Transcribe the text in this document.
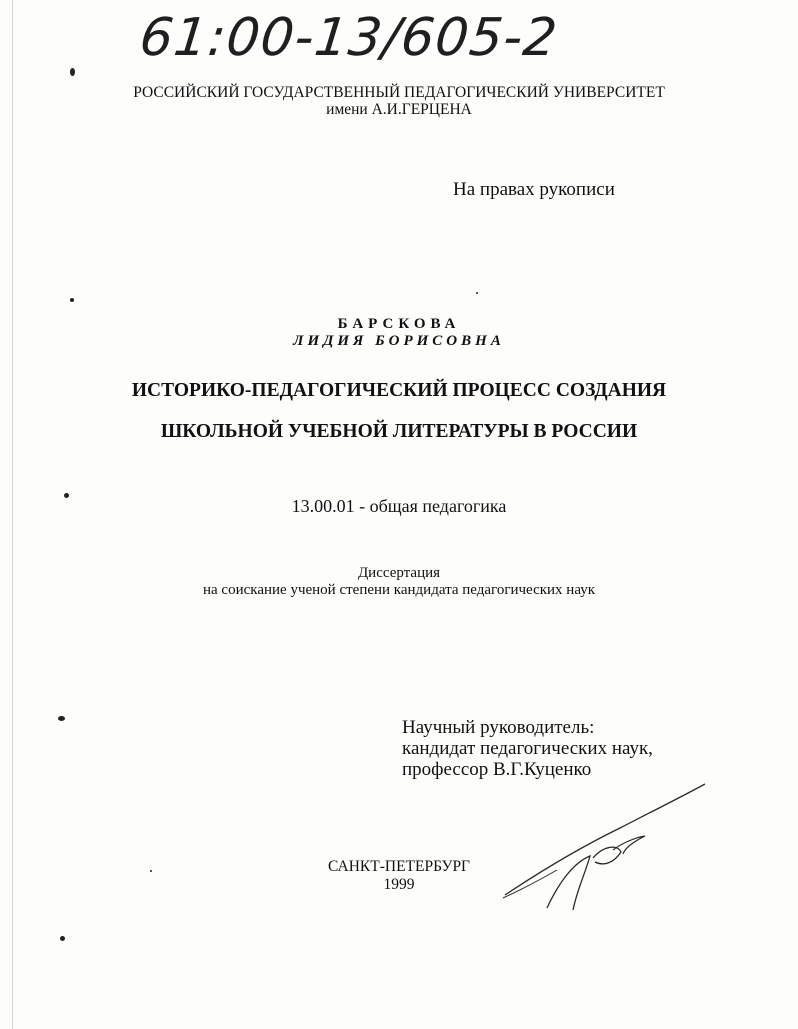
61:00-13/605-2
РОССИЙСКИЙ ГОСУДАРСТВЕННЫЙ ПЕДАГОГИЧЕСКИЙ УНИВЕРСИТЕТ
имени А.И.ГЕРЦЕНА
На правах рукописи
БАРСКОВА
ЛИДИЯ БОРИСОВНА
ИСТОРИКО-ПЕДАГОГИЧЕСКИЙ ПРОЦЕСС СОЗДАНИЯ
ШКОЛЬНОЙ УЧЕБНОЙ ЛИТЕРАТУРЫ В РОССИИ
13.00.01 - общая педагогика
Диссертация
на соискание ученой степени кандидата педагогических наук
Научный руководитель:
кандидат педагогических наук,
профессор В.Г.Куценко
САНКТ-ПЕТЕРБУРГ
1999
